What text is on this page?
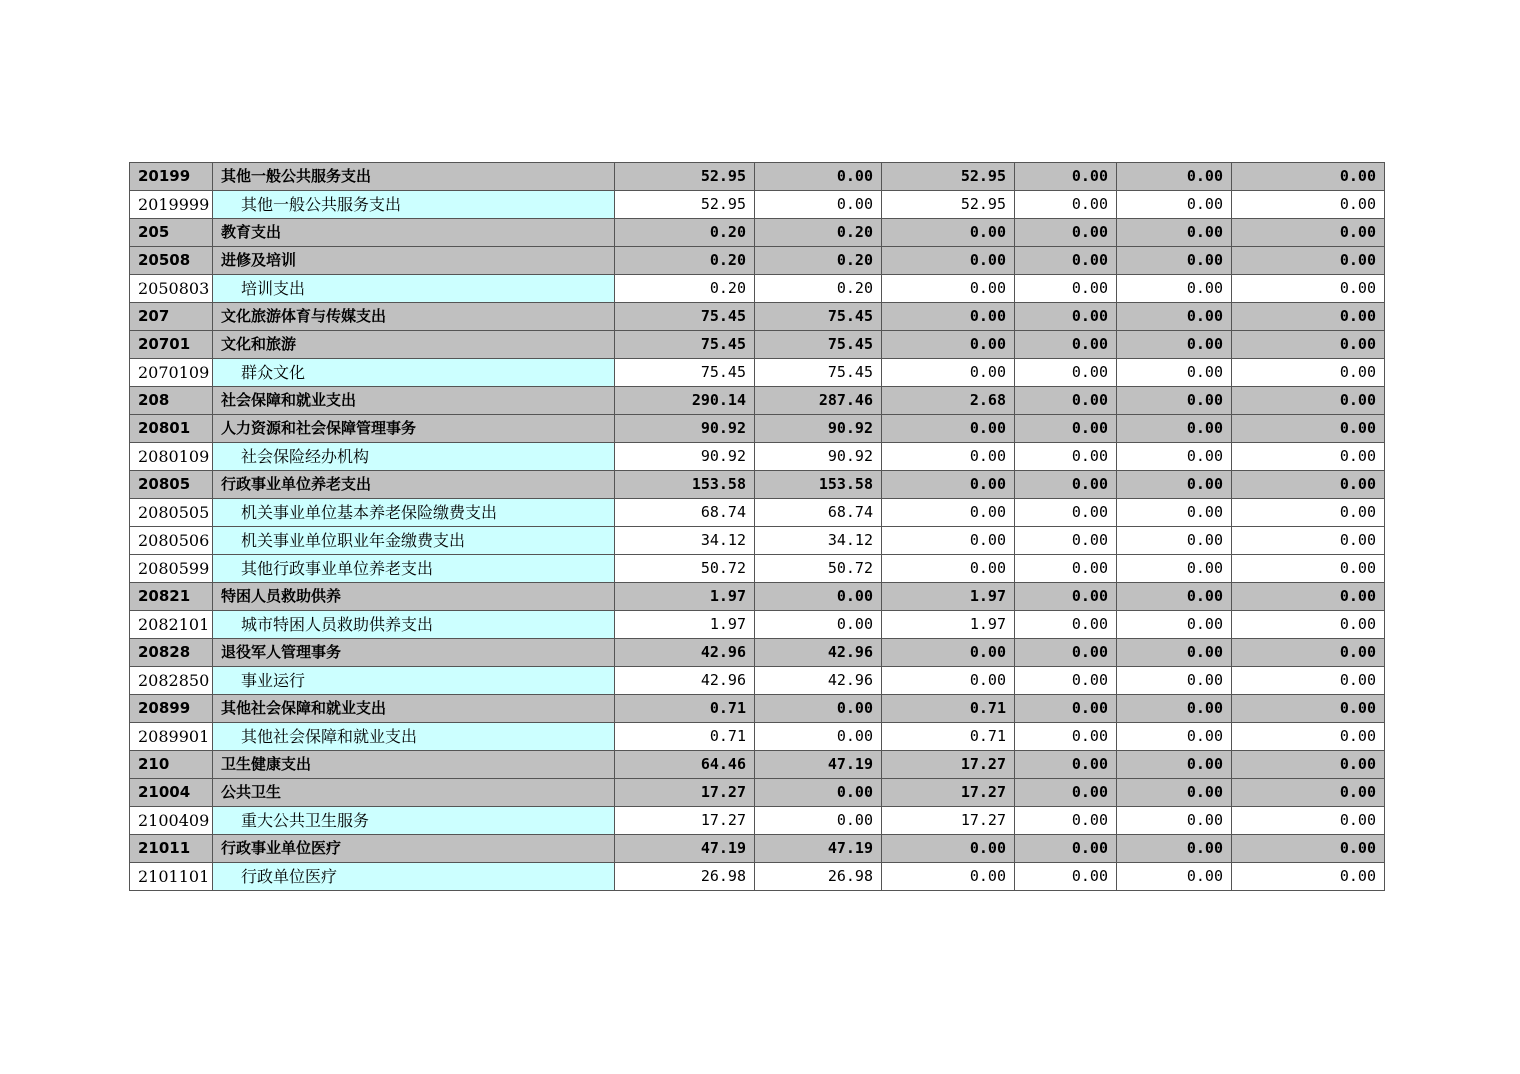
20199	其他一般公共服务支出	52.95	0.00	52.95	0.00	0.00	0.00
2019999	其他一般公共服务支出	52.95	0.00	52.95	0.00	0.00	0.00
205	教育支出	0.20	0.20	0.00	0.00	0.00	0.00
20508	进修及培训	0.20	0.20	0.00	0.00	0.00	0.00
2050803	培训支出	0.20	0.20	0.00	0.00	0.00	0.00
207	文化旅游体育与传媒支出	75.45	75.45	0.00	0.00	0.00	0.00
20701	文化和旅游	75.45	75.45	0.00	0.00	0.00	0.00
2070109	群众文化	75.45	75.45	0.00	0.00	0.00	0.00
208	社会保障和就业支出	290.14	287.46	2.68	0.00	0.00	0.00
20801	人力资源和社会保障管理事务	90.92	90.92	0.00	0.00	0.00	0.00
2080109	社会保险经办机构	90.92	90.92	0.00	0.00	0.00	0.00
20805	行政事业单位养老支出	153.58	153.58	0.00	0.00	0.00	0.00
2080505	机关事业单位基本养老保险缴费支出	68.74	68.74	0.00	0.00	0.00	0.00
2080506	机关事业单位职业年金缴费支出	34.12	34.12	0.00	0.00	0.00	0.00
2080599	其他行政事业单位养老支出	50.72	50.72	0.00	0.00	0.00	0.00
20821	特困人员救助供养	1.97	0.00	1.97	0.00	0.00	0.00
2082101	城市特困人员救助供养支出	1.97	0.00	1.97	0.00	0.00	0.00
20828	退役军人管理事务	42.96	42.96	0.00	0.00	0.00	0.00
2082850	事业运行	42.96	42.96	0.00	0.00	0.00	0.00
20899	其他社会保障和就业支出	0.71	0.00	0.71	0.00	0.00	0.00
2089901	其他社会保障和就业支出	0.71	0.00	0.71	0.00	0.00	0.00
210	卫生健康支出	64.46	47.19	17.27	0.00	0.00	0.00
21004	公共卫生	17.27	0.00	17.27	0.00	0.00	0.00
2100409	重大公共卫生服务	17.27	0.00	17.27	0.00	0.00	0.00
21011	行政事业单位医疗	47.19	47.19	0.00	0.00	0.00	0.00
2101101	行政单位医疗	26.98	26.98	0.00	0.00	0.00	0.00
